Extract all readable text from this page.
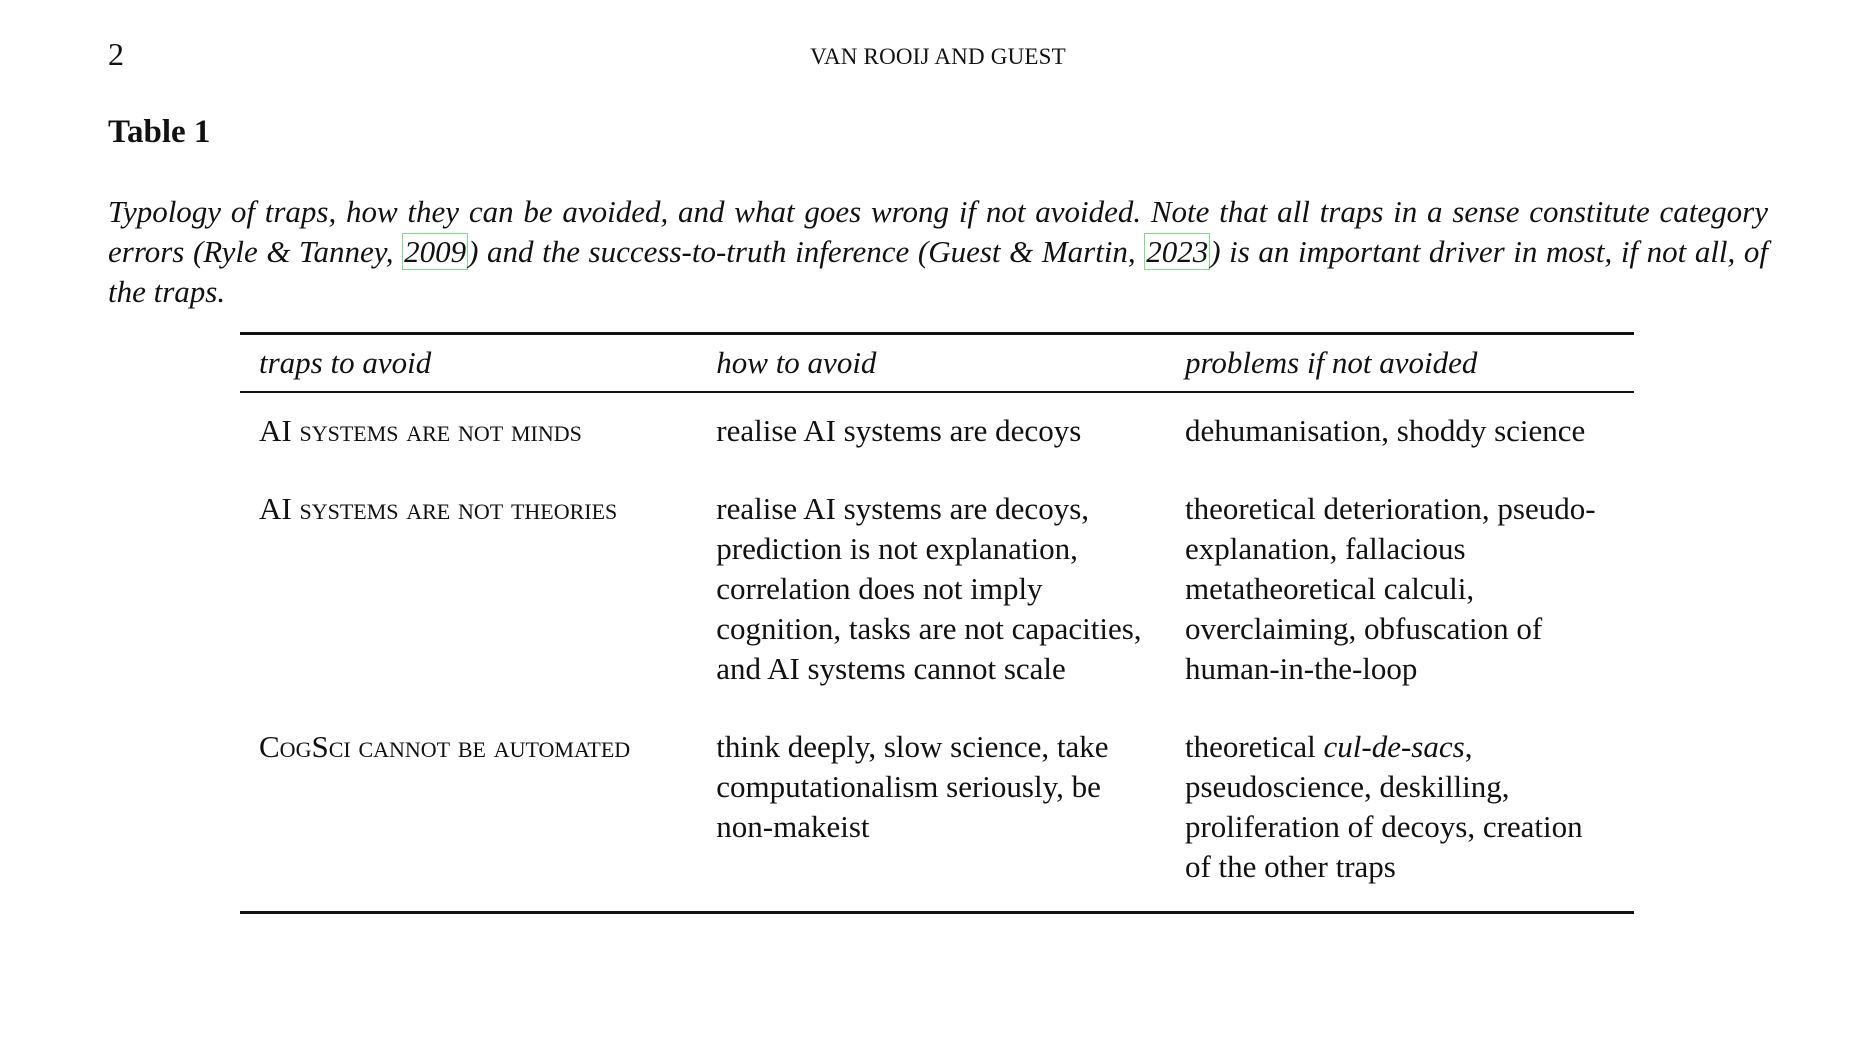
2	VAN ROOIJ AND GUEST
Table 1
Typology of traps, how they can be avoided, and what goes wrong if not avoided. Note that all traps in a sense constitute category errors (Ryle & Tanney, 2009) and the success-to-truth inference (Guest & Martin, 2023) is an important driver in most, if not all, of the traps.
traps to avoid	how to avoid	problems if not avoided
AI systems are not minds	realise AI systems are decoys	dehumanisation, shoddy science
AI systems are not theories	realise AI systems are decoys, prediction is not explanation, correlation does not imply cognition, tasks are not capacities, and AI systems cannot scale	theoretical deterioration, pseudo-explanation, fallacious metatheoretical calculi, overclaiming, obfuscation of human-in-the-loop
CogSci cannot be automated	think deeply, slow science, take computationalism seriously, be non-makeist	theoretical cul-de-sacs, pseudoscience, deskilling, proliferation of decoys, creation of the other traps
